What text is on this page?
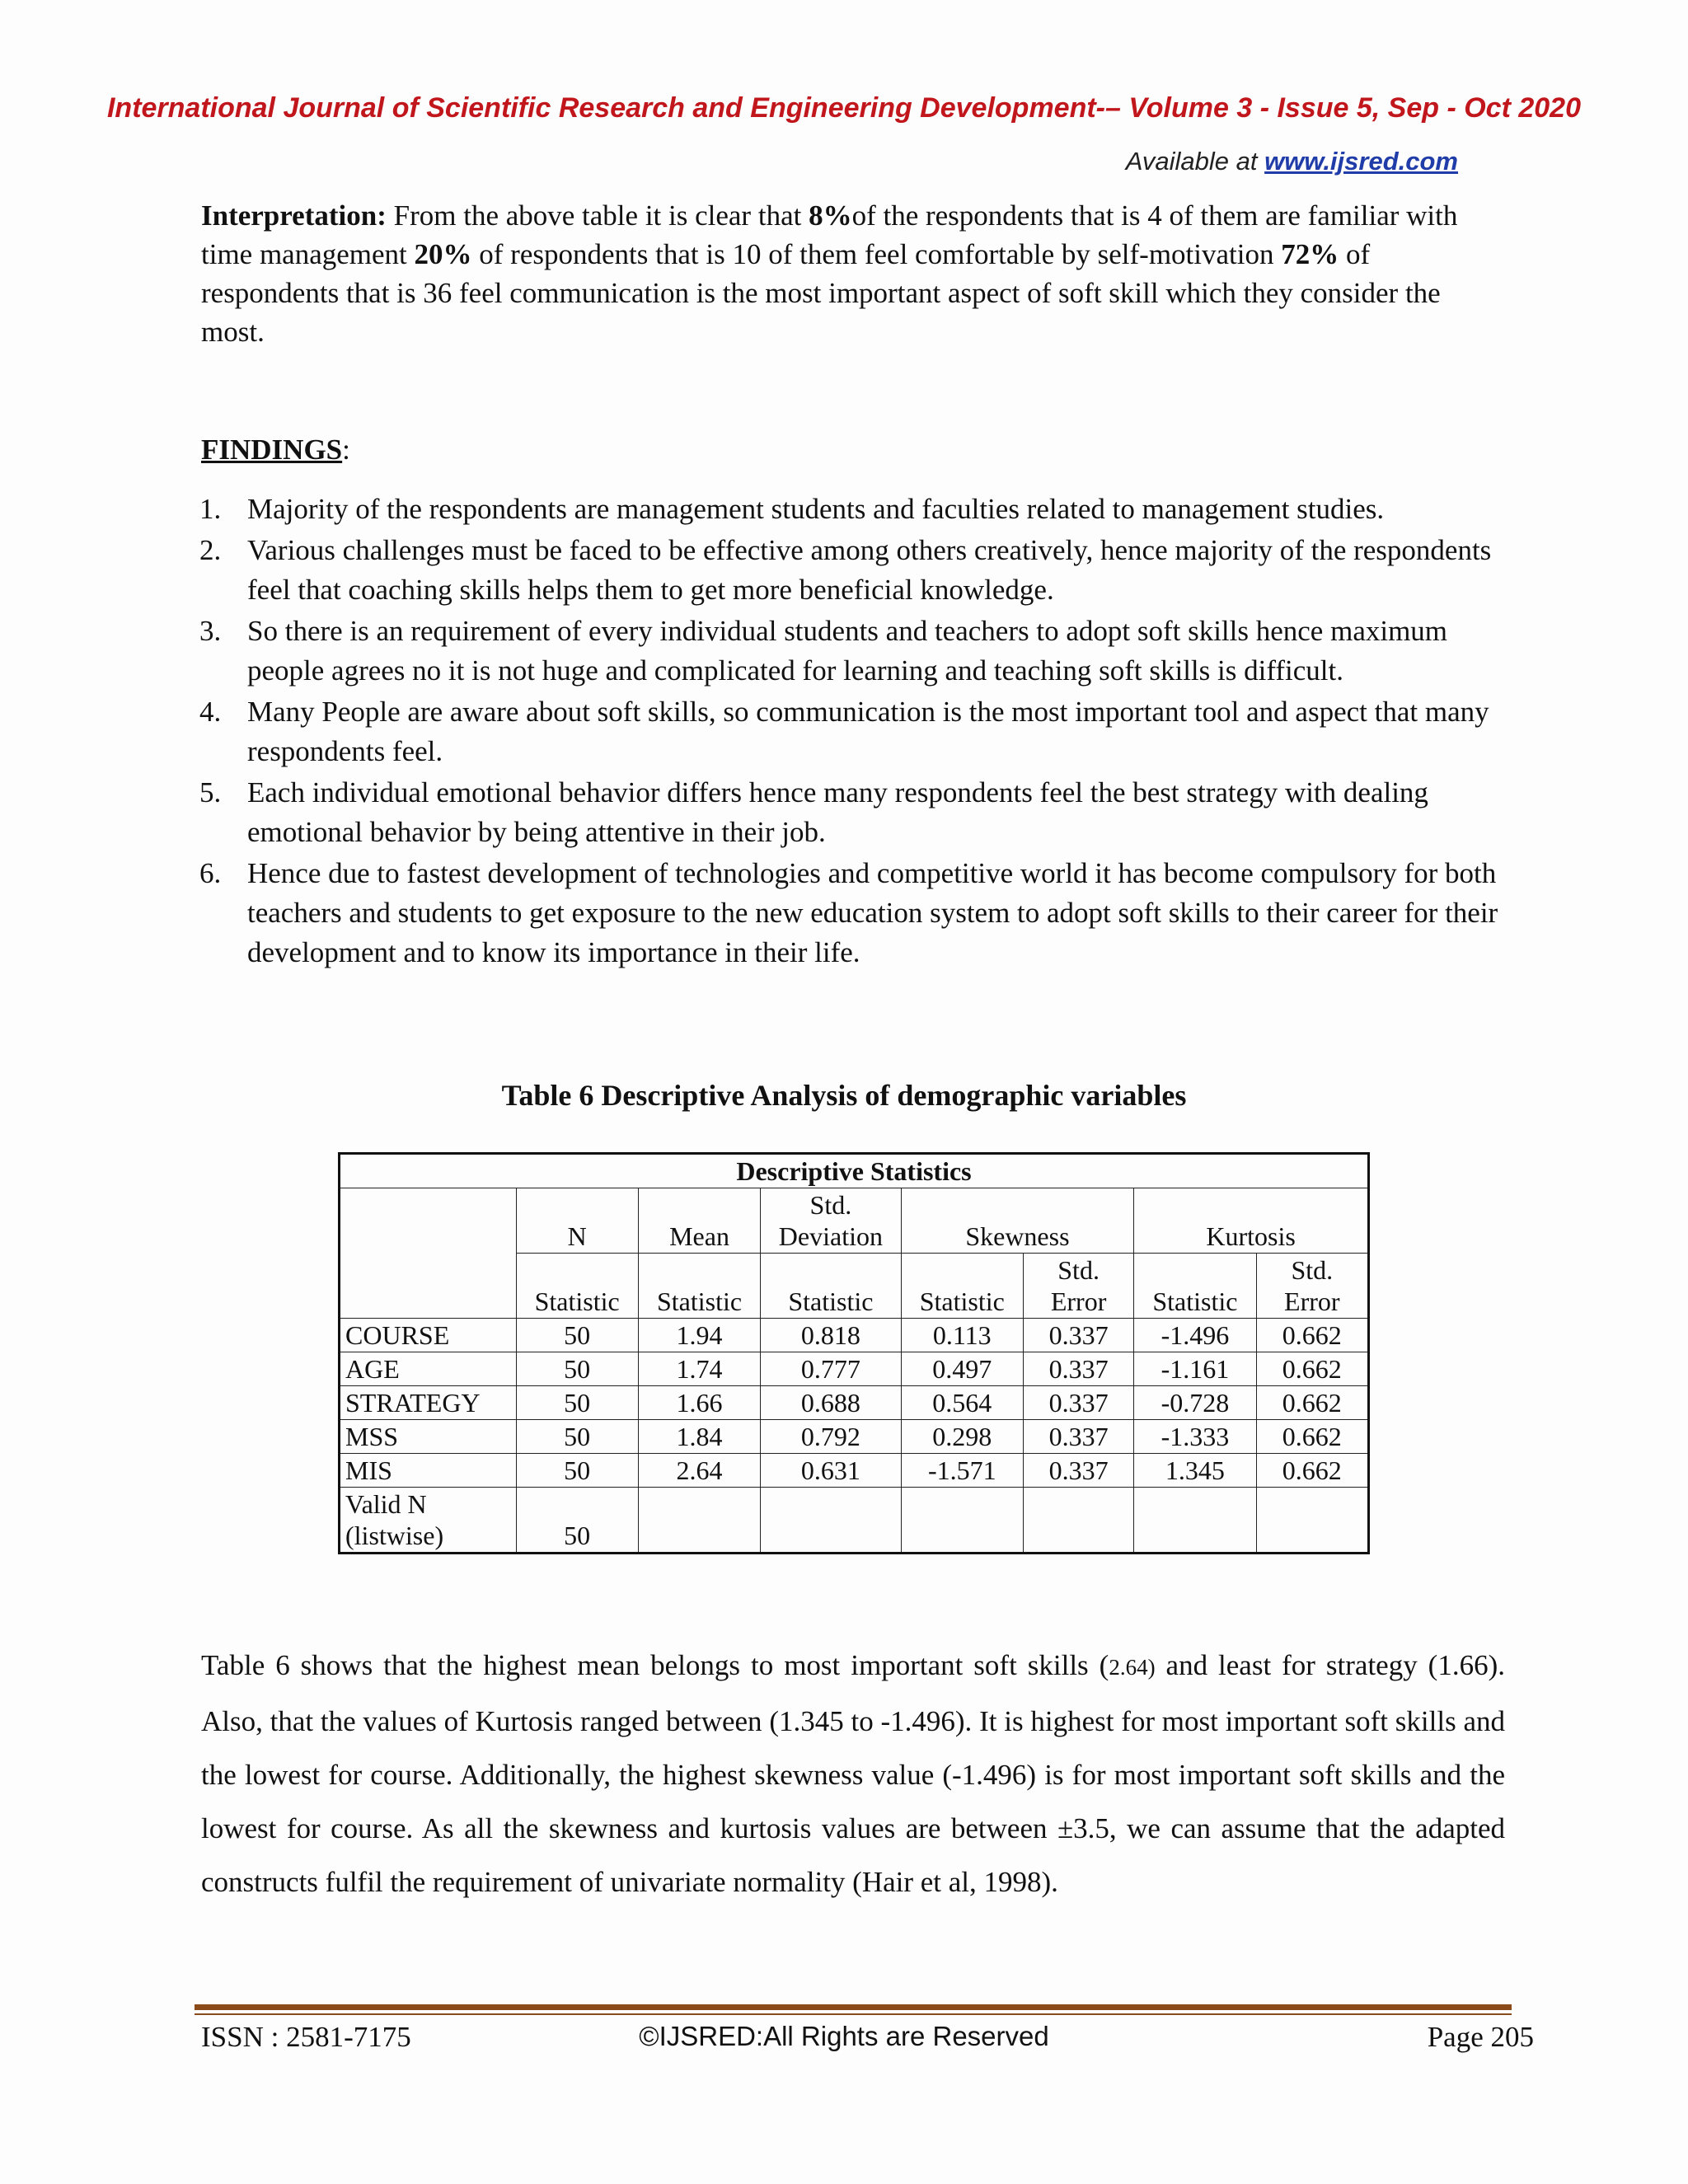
International Journal of Scientific Research and Engineering Development-– Volume 3 - Issue 5, Sep - Oct 2020
Available at www.ijsred.com
Interpretation: From the above table it is clear that 8%of the respondents that is 4 of them are familiar with time management 20% of respondents that is 10 of them feel comfortable by self-motivation 72% of respondents that is 36 feel communication is the most important aspect of soft skill which they consider the most.
FINDINGS:
1. Majority of the respondents are management students and faculties related to management studies.
2. Various challenges must be faced to be effective among others creatively, hence majority of the respondents feel that coaching skills helps them to get more beneficial knowledge.
3. So there is an requirement of every individual students and teachers to adopt soft skills hence maximum people agrees no it is not huge and complicated for learning and teaching soft skills is difficult.
4. Many People are aware about soft skills, so communication is the most important tool and aspect that many respondents feel.
5. Each individual emotional behavior differs hence many respondents feel the best strategy with dealing emotional behavior by being attentive in their job.
6. Hence due to fastest development of technologies and competitive world it has become compulsory for both teachers and students to get exposure to the new education system to adopt soft skills to their career for their development and to know its importance in their life.
Table 6 Descriptive Analysis of demographic variables
Descriptive Statistics							
	N	Mean	Std. Deviation	Skewness		Kurtosis	
	Statistic	Statistic	Statistic	Statistic	Std. Error	Statistic	Std. Error
COURSE	50	1.94	0.818	0.113	0.337	-1.496	0.662
AGE	50	1.74	0.777	0.497	0.337	-1.161	0.662
STRATEGY	50	1.66	0.688	0.564	0.337	-0.728	0.662
MSS	50	1.84	0.792	0.298	0.337	-1.333	0.662
MIS	50	2.64	0.631	-1.571	0.337	1.345	0.662
Valid N (listwise)	50						
Table 6 shows that the highest mean belongs to most important soft skills (2.64) and least for strategy (1.66). Also, that the values of Kurtosis ranged between (1.345 to -1.496). It is highest for most important soft skills and the lowest for course. Additionally, the highest skewness value (-1.496) is for most important soft skills and the lowest for course. As all the skewness and kurtosis values are between ±3.5, we can assume that the adapted constructs fulfil the requirement of univariate normality (Hair et al, 1998).
ISSN : 2581-7175	©IJSRED:All Rights are Reserved	Page 205
